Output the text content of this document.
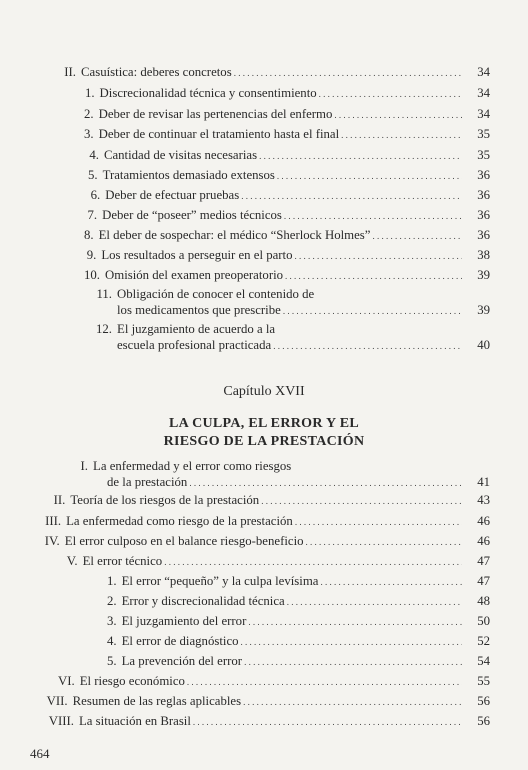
II. Casuística: deberes concretos . . .	34
1. Discrecionalidad técnica y consentimiento . . .	34
2. Deber de revisar las pertenencias del enfermo . . .	34
3. Deber de continuar el tratamiento hasta el final . . .	35
4. Cantidad de visitas necesarias . . .	35
5. Tratamientos demasiado extensos . . .	36
6. Deber de efectuar pruebas . . .	36
7. Deber de “poseer” medios técnicos . . .	36
8. El deber de sospechar: el médico “Sherlock Holmes” . . .	36
9. Los resultados a perseguir en el parto . . .	38
10. Omisión del examen preoperatorio . . .	39
11. Obligación de conocer el contenido de
los medicamentos que prescribe . . .	39
12. El juzgamiento de acuerdo a la
escuela profesional practicada . . .	40
Capítulo XVII
LA CULPA, EL ERROR Y EL
RIESGO DE LA PRESTACIÓN
I. La enfermedad y el error como riesgos
de la prestación . . .	41
II. Teoría de los riesgos de la prestación . . .	43
III. La enfermedad como riesgo de la prestación . . .	46
IV. El error culposo en el balance riesgo-beneficio . . .	46
V. El error técnico . . .	47
1. El error “pequeño” y la culpa levísima . . .	47
2. Error y discrecionalidad técnica . . .	48
3. El juzgamiento del error . . .	50
4. El error de diagnóstico . . .	52
5. La prevención del error . . .	54
VI. El riesgo económico . . .	55
VII. Resumen de las reglas aplicables . . .	56
VIII. La situación en Brasil . . .	56
464
